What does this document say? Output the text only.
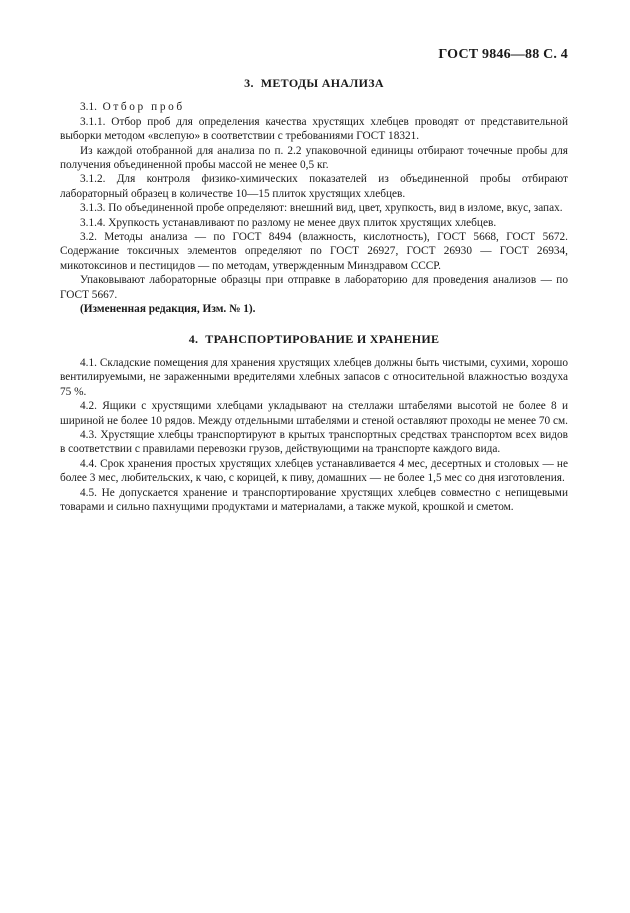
ГОСТ 9846—88 С. 4
3. МЕТОДЫ АНАЛИЗА

3.1. Отбор проб

3.1.1. Отбор проб для определения качества хрустящих хлебцев проводят от представительной выборки методом «вслепую» в соответствии с требованиями ГОСТ 18321.

Из каждой отобранной для анализа по п. 2.2 упаковочной единицы отбирают точечные пробы для получения объединенной пробы массой не менее 0,5 кг.

3.1.2. Для контроля физико-химических показателей из объединенной пробы отбирают лабораторный образец в количестве 10—15 плиток хрустящих хлебцев.

3.1.3. По объединенной пробе определяют: внешний вид, цвет, хрупкость, вид в изломе, вкус, запах.

3.1.4. Хрупкость устанавливают по разлому не менее двух плиток хрустящих хлебцев.

3.2. Методы анализа — по ГОСТ 8494 (влажность, кислотность), ГОСТ 5668, ГОСТ 5672. Содержание токсичных элементов определяют по ГОСТ 26927, ГОСТ 26930 — ГОСТ 26934, микотоксинов и пестицидов — по методам, утвержденным Минздравом СССР.

Упаковывают лабораторные образцы при отправке в лабораторию для проведения анализов — по ГОСТ 5667.

(Измененная редакция, Изм. № 1).

4. ТРАНСПОРТИРОВАНИЕ И ХРАНЕНИЕ

4.1. Складские помещения для хранения хрустящих хлебцев должны быть чистыми, сухими, хорошо вентилируемыми, не зараженными вредителями хлебных запасов с относительной влажностью воздуха 75 %.

4.2. Ящики с хрустящими хлебцами укладывают на стеллажи штабелями высотой не более 8 и шириной не более 10 рядов. Между отдельными штабелями и стеной оставляют проходы не менее 70 см.

4.3. Хрустящие хлебцы транспортируют в крытых транспортных средствах транспортом всех видов в соответствии с правилами перевозки грузов, действующими на транспорте каждого вида.

4.4. Срок хранения простых хрустящих хлебцев устанавливается 4 мес, десертных и столовых — не более 3 мес, любительских, к чаю, с корицей, к пиву, домашних — не более 1,5 мес со дня изготовления.

4.5. Не допускается хранение и транспортирование хрустящих хлебцев совместно с непищевыми товарами и сильно пахнущими продуктами и материалами, а также мукой, крошкой и сметом.
